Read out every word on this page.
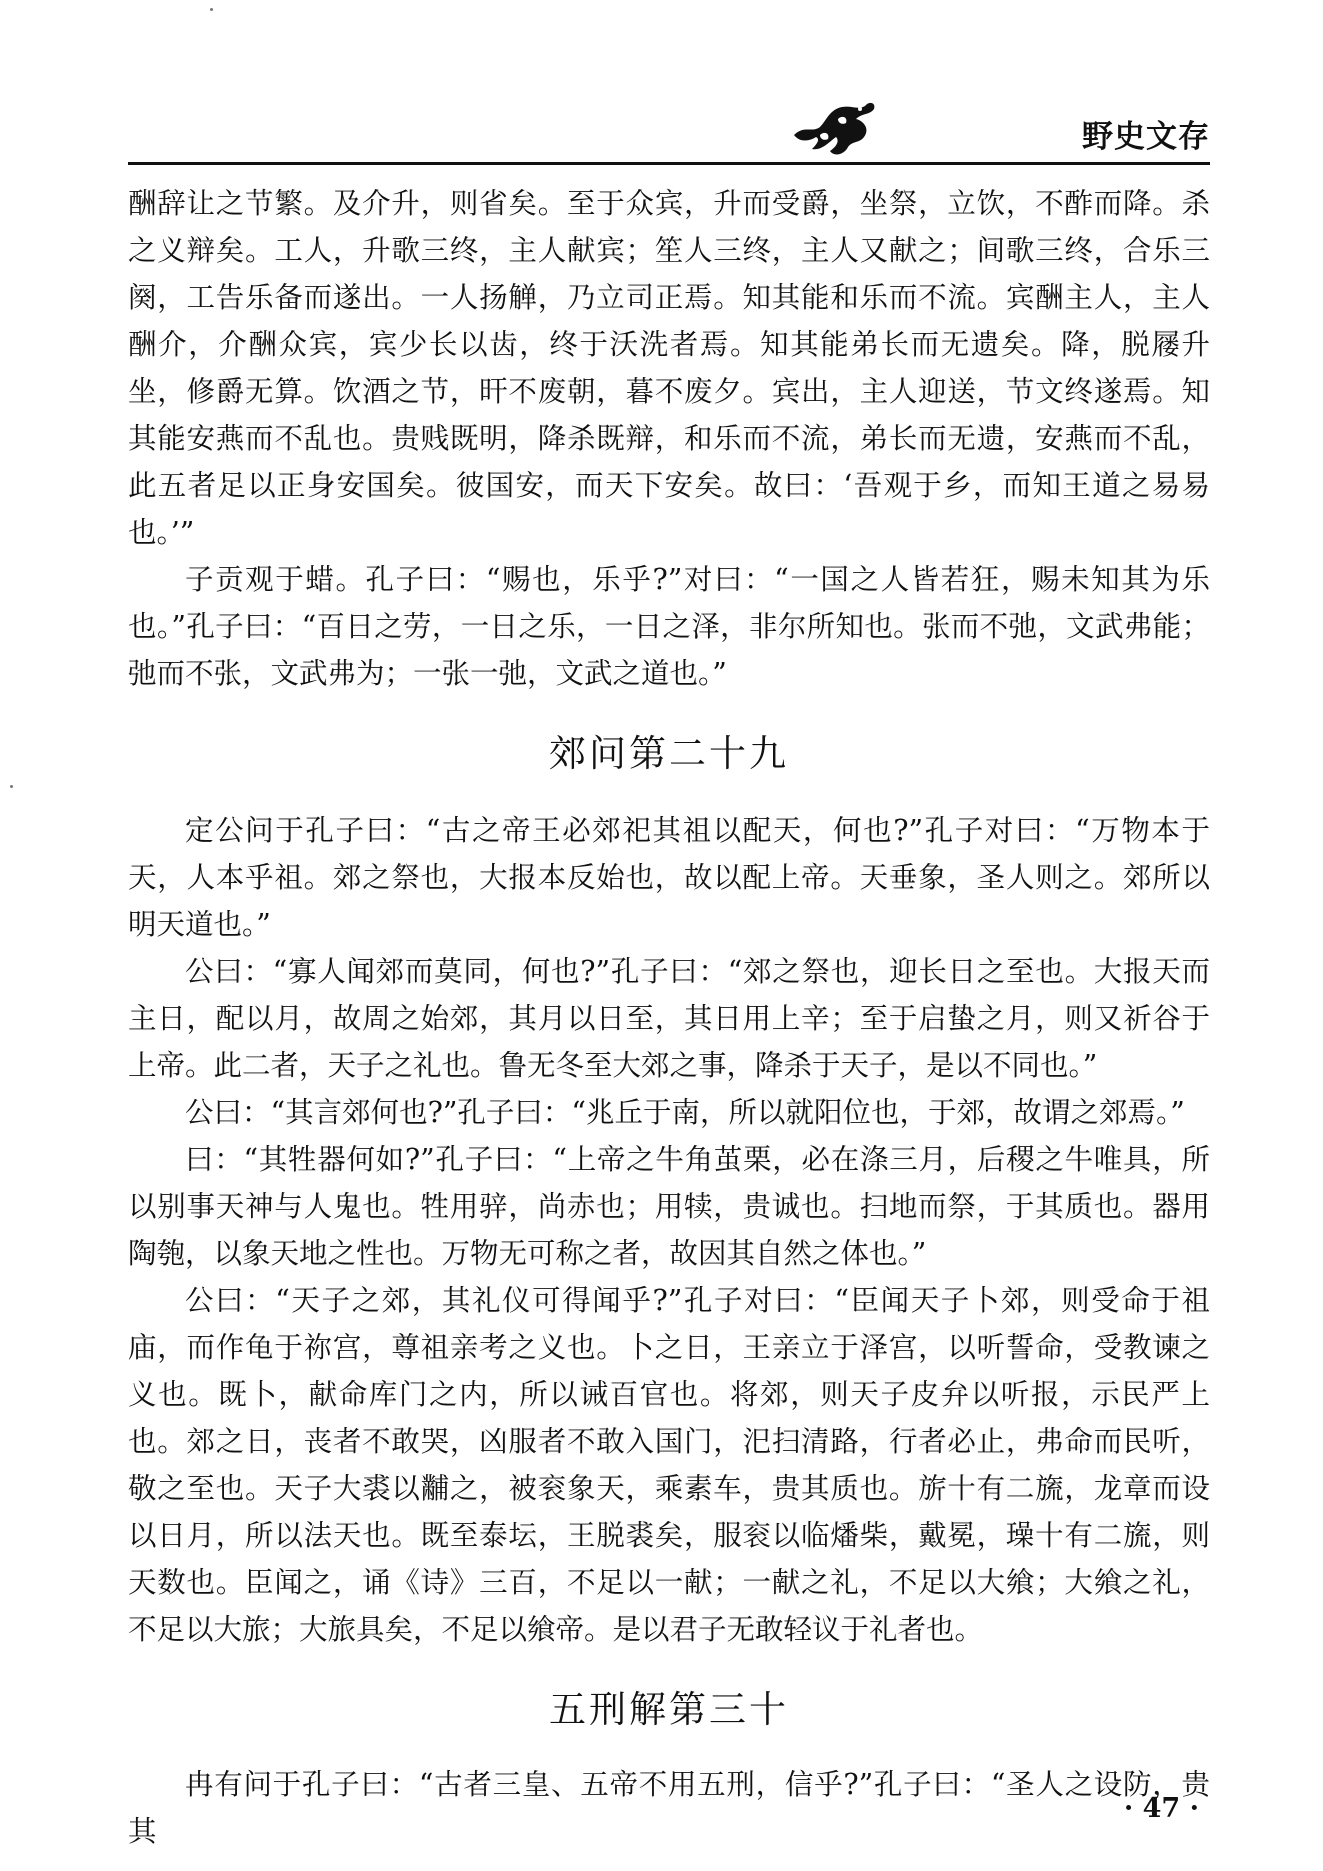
野史文存

酬辞让之节繁。及介升，则省矣。至于众宾，升而受爵，坐祭，立饮，不酢而降。杀之义辩矣。工人，升歌三终，主人献宾；笙人三终，主人又献之；间歌三终，合乐三阕，工告乐备而遂出。一人扬觯，乃立司正焉。知其能和乐而不流。宾酬主人，主人酬介，介酬众宾，宾少长以齿，终于沃洗者焉。知其能弟长而无遗矣。降，脱屦升坐，修爵无算。饮酒之节，旰不废朝，暮不废夕。宾出，主人迎送，节文终遂焉。知其能安燕而不乱也。贵贱既明，降杀既辩，和乐而不流，弟长而无遗，安燕而不乱，此五者足以正身安国矣。彼国安，而天下安矣。故曰：‘吾观于乡，而知王道之易易也。’”

子贡观于蜡。孔子曰：“赐也，乐乎?”对曰：“一国之人皆若狂，赐未知其为乐也。”孔子曰：“百日之劳，一日之乐，一日之泽，非尔所知也。张而不弛，文武弗能；弛而不张，文武弗为；一张一弛，文武之道也。”

郊问第二十九

定公问于孔子曰：“古之帝王必郊祀其祖以配天，何也?”孔子对曰：“万物本于天，人本乎祖。郊之祭也，大报本反始也，故以配上帝。天垂象，圣人则之。郊所以明天道也。”

公曰：“寡人闻郊而莫同，何也?”孔子曰：“郊之祭也，迎长日之至也。大报天而主日，配以月，故周之始郊，其月以日至，其日用上辛；至于启蛰之月，则又祈谷于上帝。此二者，天子之礼也。鲁无冬至大郊之事，降杀于天子，是以不同也。”

公曰：“其言郊何也?”孔子曰：“兆丘于南，所以就阳位也，于郊，故谓之郊焉。”

曰：“其牲器何如?”孔子曰：“上帝之牛角茧栗，必在涤三月，后稷之牛唯具，所以别事天神与人鬼也。牲用骍，尚赤也；用犊，贵诚也。扫地而祭，于其质也。器用陶匏，以象天地之性也。万物无可称之者，故因其自然之体也。”

公曰：“天子之郊，其礼仪可得闻乎?”孔子对曰：“臣闻天子卜郊，则受命于祖庙，而作龟于祢宫，尊祖亲考之义也。卜之日，王亲立于泽宫，以听誓命，受教谏之义也。既卜，献命库门之内，所以诫百官也。将郊，则天子皮弁以听报，示民严上也。郊之日，丧者不敢哭，凶服者不敢入国门，汜扫清路，行者必止，弗命而民听，敬之至也。天子大裘以黼之，被衮象天，乘素车，贵其质也。旂十有二旒，龙章而设以日月，所以法天也。既至泰坛，王脱裘矣，服衮以临燔柴，戴冕，璪十有二旒，则天数也。臣闻之，诵《诗》三百，不足以一献；一献之礼，不足以大飨；大飨之礼，不足以大旅；大旅具矣，不足以飨帝。是以君子无敢轻议于礼者也。

五刑解第三十

冉有问于孔子曰：“古者三皇、五帝不用五刑，信乎?”孔子曰：“圣人之设防，贵其

· 47 ·
